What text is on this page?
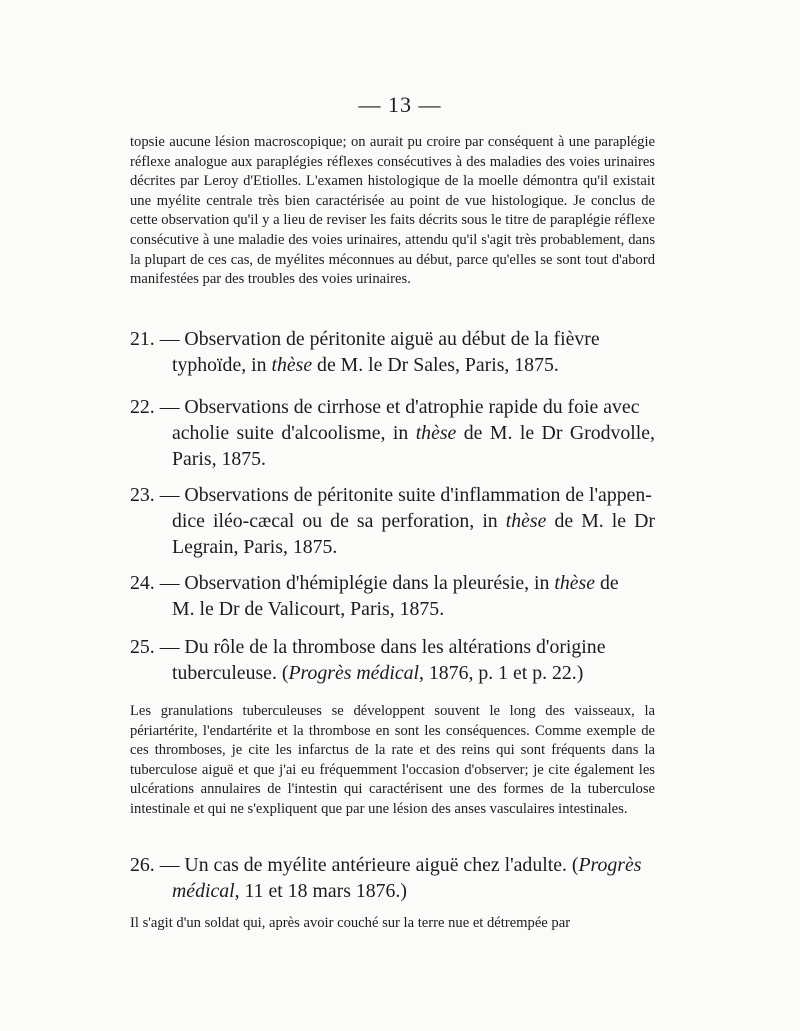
— 13 —

topsie aucune lésion macroscopique; on aurait pu croire par conséquent à une paraplégie réflexe analogue aux paraplégies réflexes consécutives à des maladies des voies urinaires décrites par Leroy d'Etiolles. L'examen histologique de la moelle démontra qu'il existait une myélite centrale très bien caractérisée au point de vue histologique. Je conclus de cette observation qu'il y a lieu de reviser les faits décrits sous le titre de paraplégie réflexe consécutive à une maladie des voies urinaires, attendu qu'il s'agit très probablement, dans la plupart de ces cas, de myélites méconnues au début, parce qu'elles se sont tout d'abord manifestées par des troubles des voies urinaires.

21. — Observation de péritonite aiguë au début de la fièvre

typhoïde, in thèse de M. le Dr Sales, Paris, 1875.

22. — Observations de cirrhose et d'atrophie rapide du foie avec

acholie suite d'alcoolisme, in thèse de M. le Dr Grodvolle, Paris, 1875.

23. — Observations de péritonite suite d'inflammation de l'appen-

dice iléo-cæcal ou de sa perforation, in thèse de M. le Dr Legrain, Paris, 1875.

24. — Observation d'hémiplégie dans la pleurésie, in thèse de

M. le Dr de Valicourt, Paris, 1875.

25. — Du rôle de la thrombose dans les altérations d'origine

tuberculeuse. (Progrès médical, 1876, p. 1 et p. 22.)

Les granulations tuberculeuses se développent souvent le long des vaisseaux, la périartérite, l'endartérite et la thrombose en sont les conséquences. Comme exemple de ces thromboses, je cite les infarctus de la rate et des reins qui sont fréquents dans la tuberculose aiguë et que j'ai eu fréquemment l'occasion d'observer; je cite également les ulcérations annulaires de l'intestin qui caractérisent une des formes de la tuberculose intestinale et qui ne s'expliquent que par une lésion des anses vasculaires intestinales.

26. — Un cas de myélite antérieure aiguë chez l'adulte. (Progrès

médical, 11 et 18 mars 1876.)

Il s'agit d'un soldat qui, après avoir couché sur la terre nue et détrempée par
